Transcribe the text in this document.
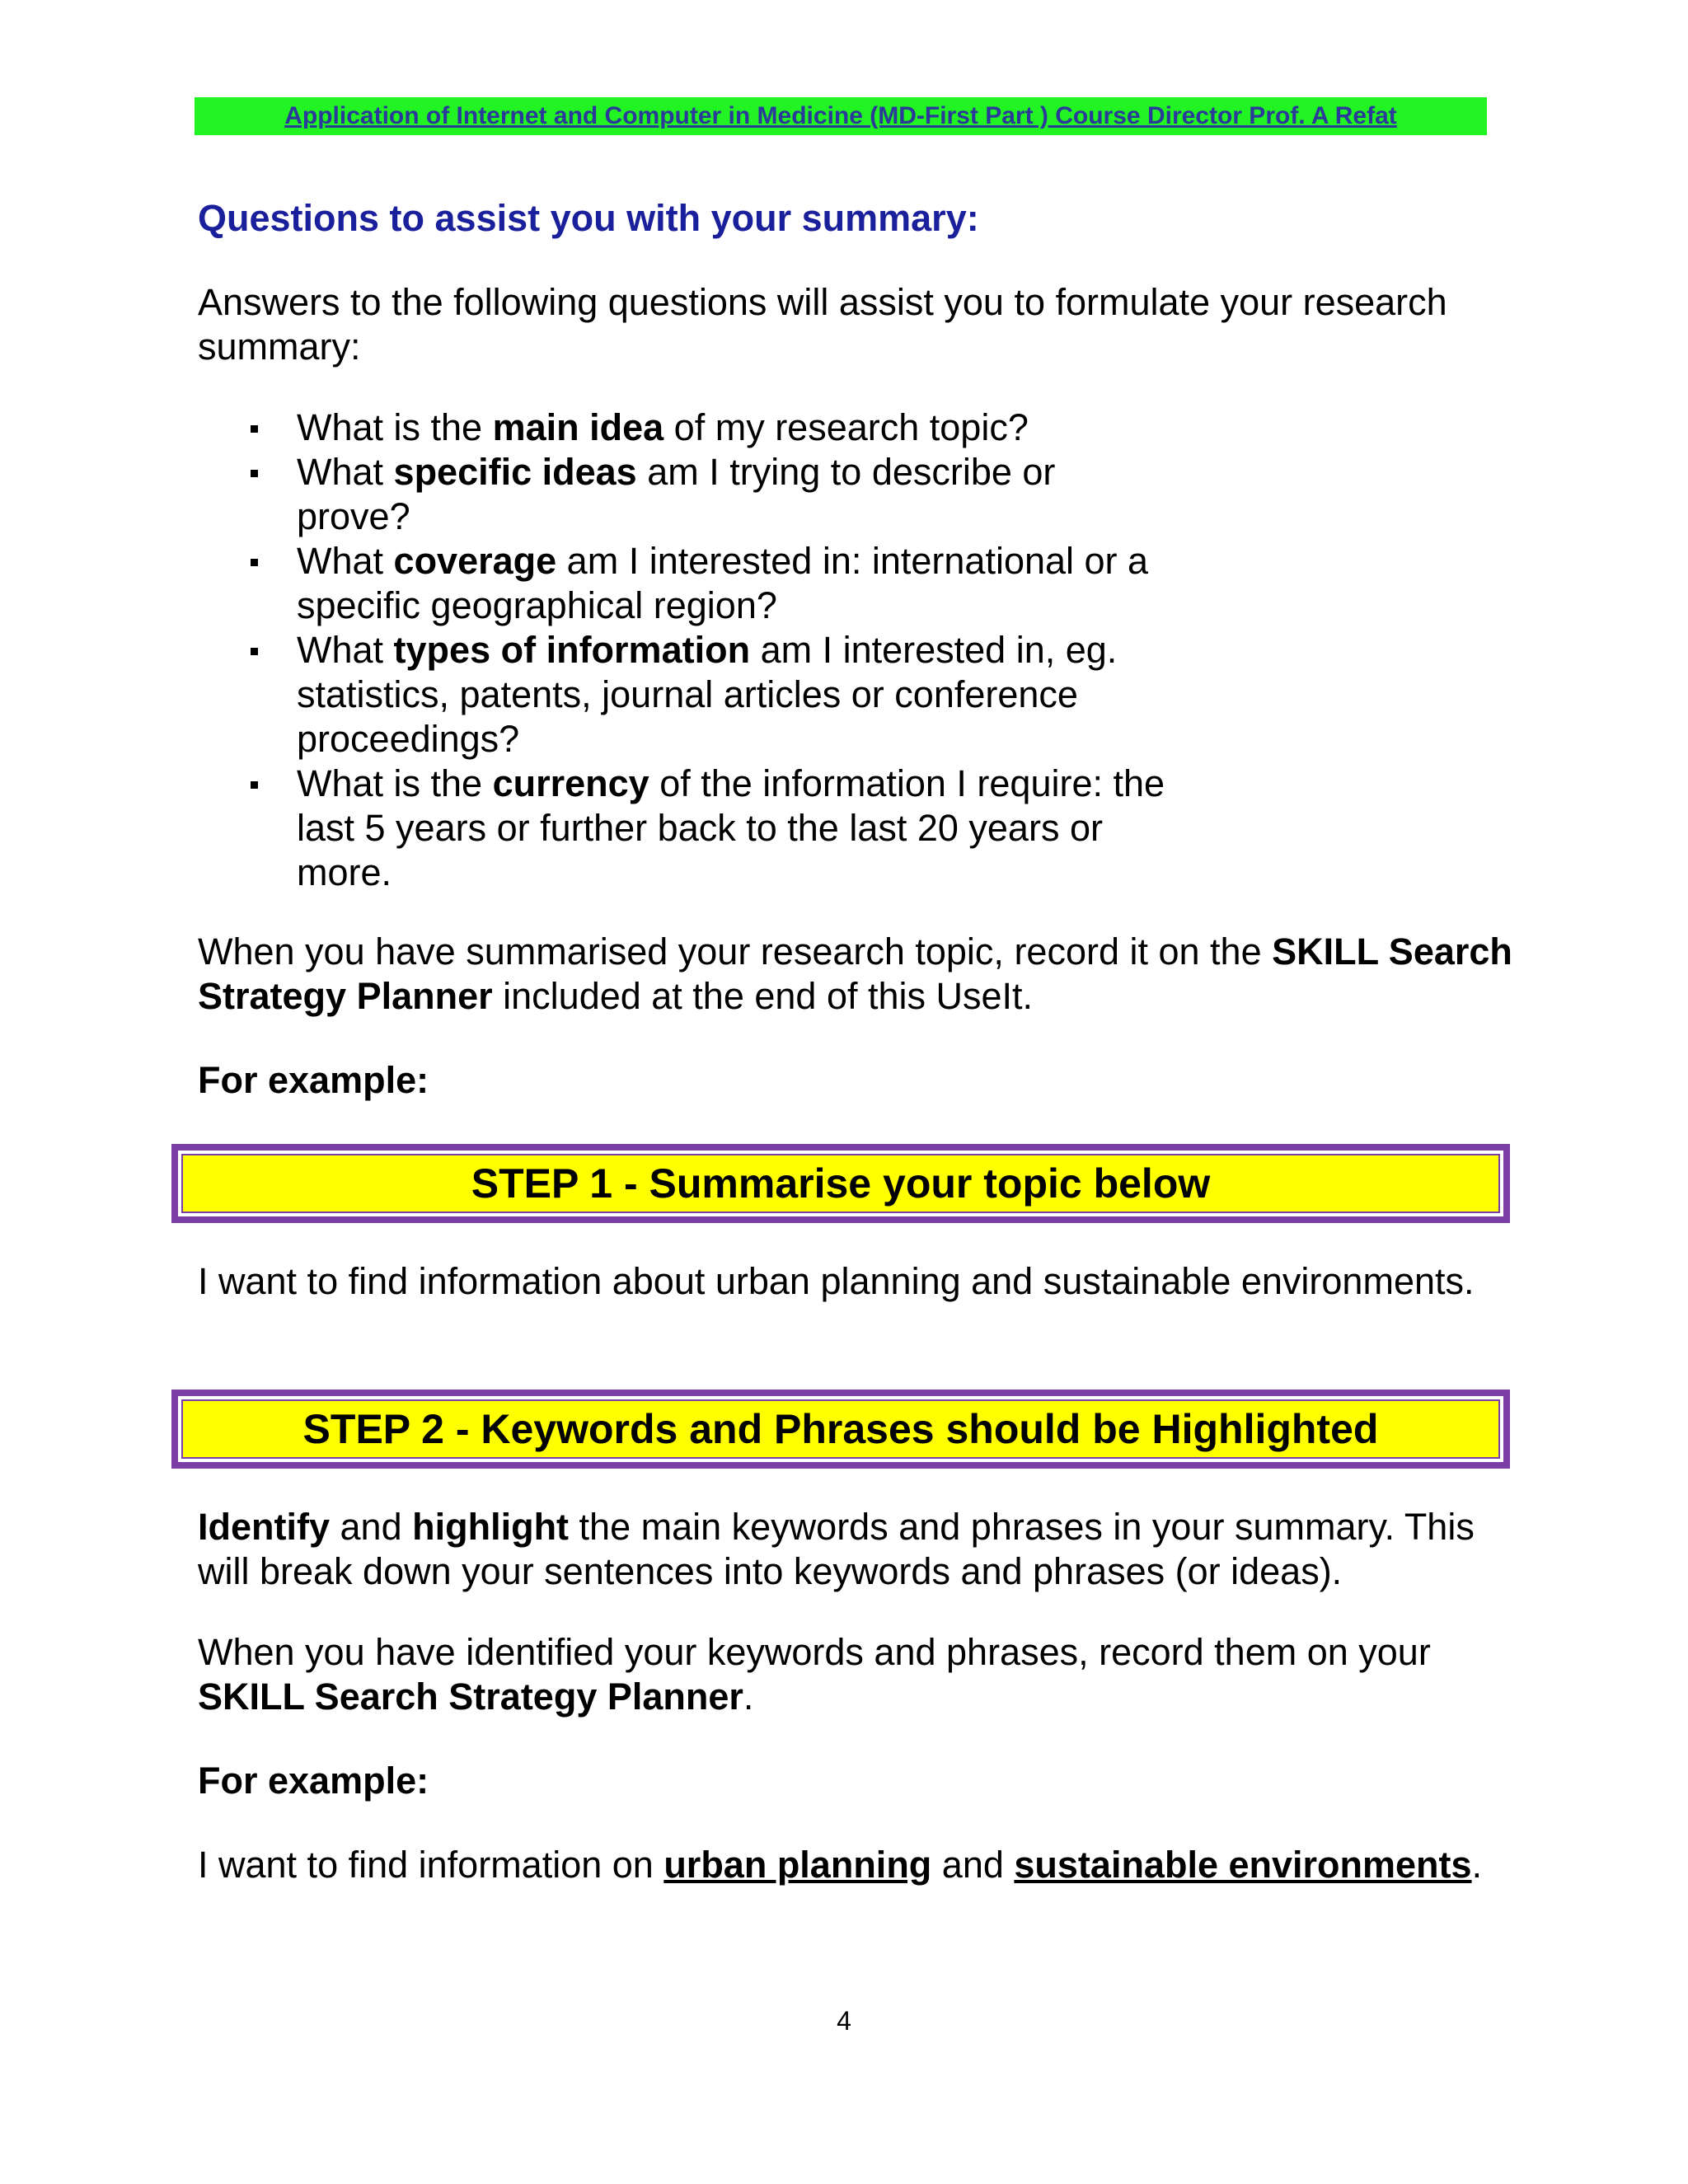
Application of Internet and Computer in Medicine (MD-First Part ) Course Director Prof. A Refat
Questions to assist you with your summary:

Answers to the following questions will assist you to formulate your research summary:

What is the main idea of my research topic?
What specific ideas am I trying to describe or prove?
What coverage am I interested in: international or a specific geographical region?
What types of information am I interested in, eg. statistics, patents, journal articles or conference proceedings?
What is the currency of the information I require: the last 5 years or further back to the last 20 years or more.

When you have summarised your research topic, record it on the SKILL Search Strategy Planner included at the end of this UseIt.

For example:

STEP 1 - Summarise your topic below

I want to find information about urban planning and sustainable environments.

STEP 2 - Keywords and Phrases should be Highlighted

Identify and highlight the main keywords and phrases in your summary. This will break down your sentences into keywords and phrases (or ideas).

When you have identified your keywords and phrases, record them on your SKILL Search Strategy Planner.

For example:

I want to find information on urban planning and sustainable environments.

4
